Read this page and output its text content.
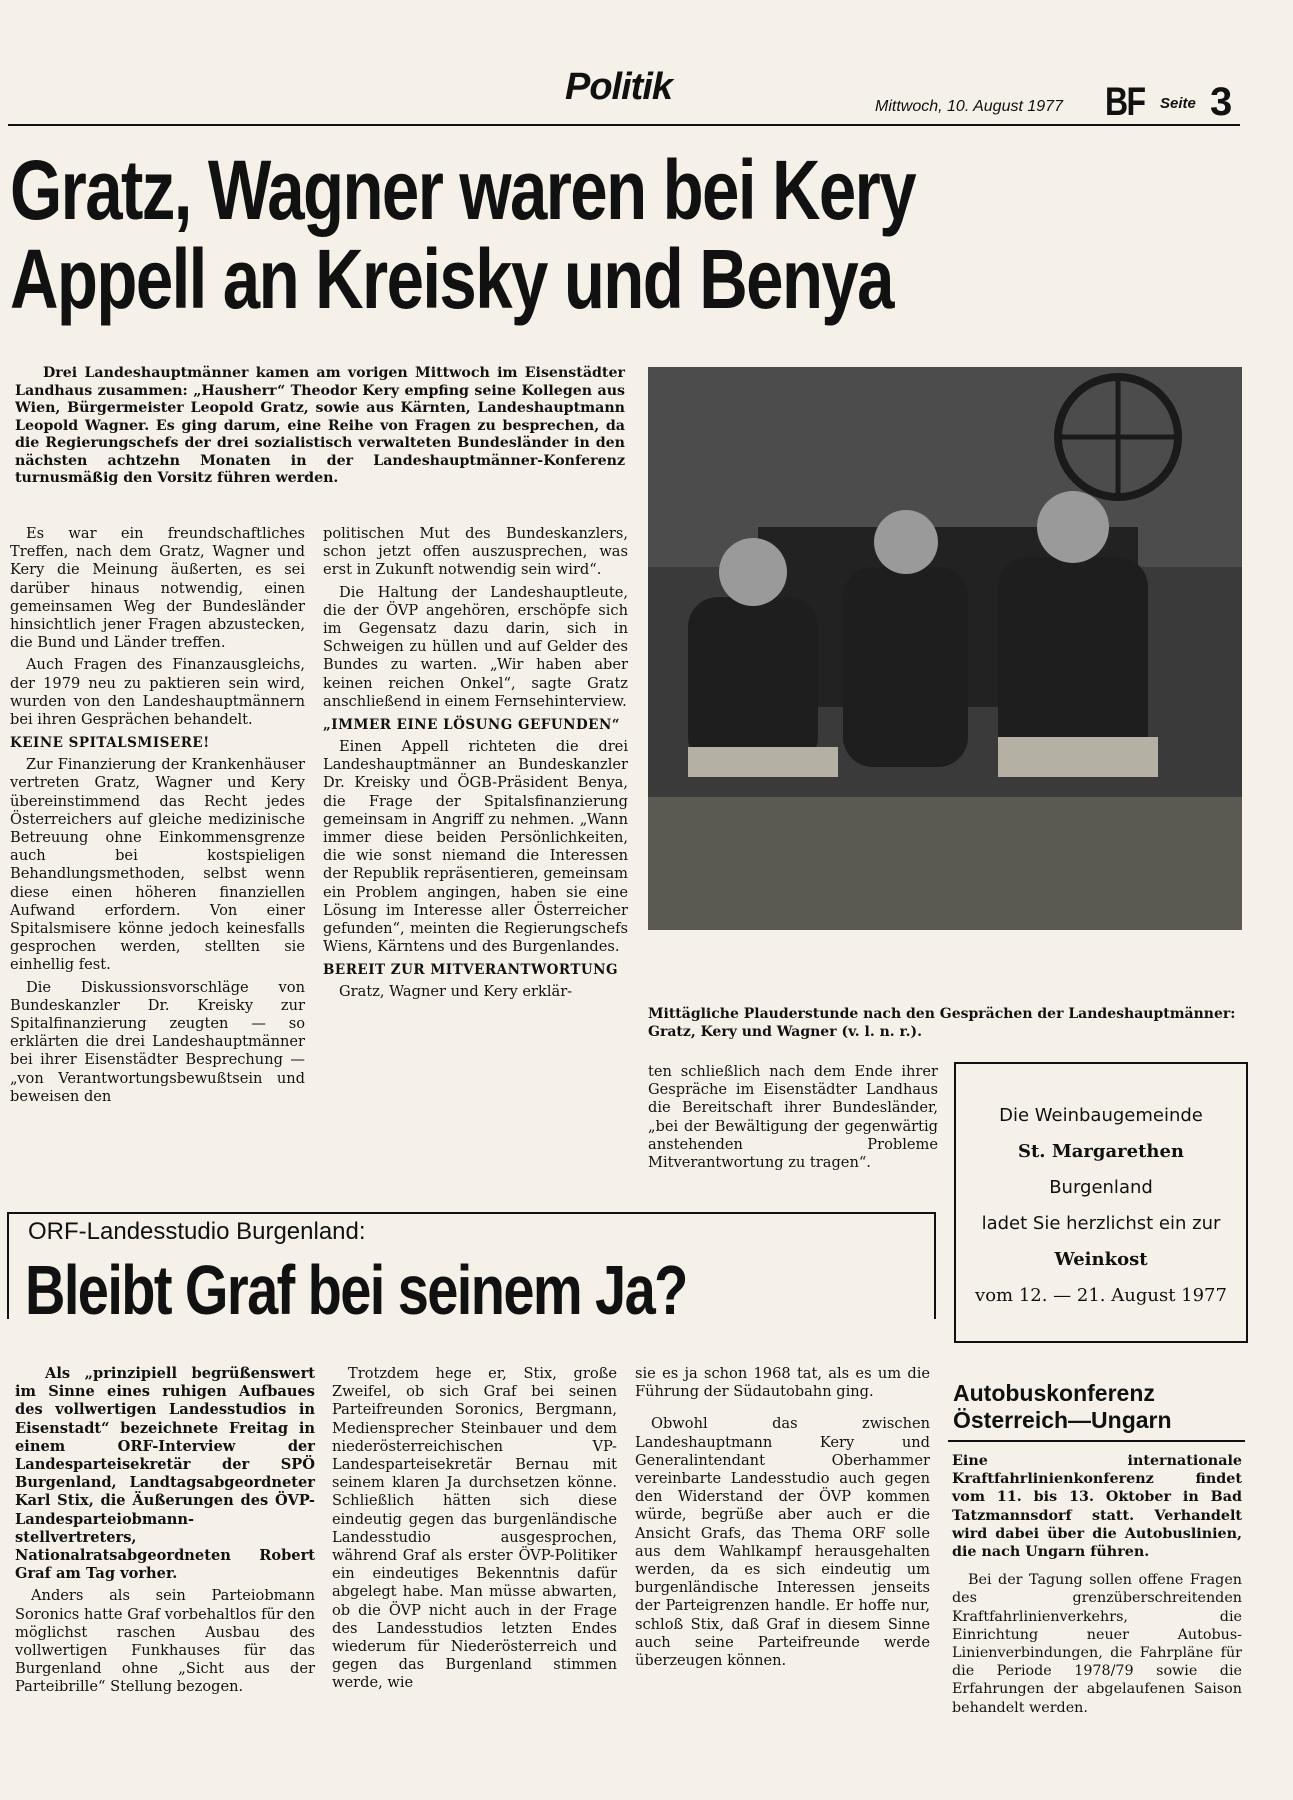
Politik	Mittwoch, 10. August 1977 BF Seite 3
Gratz, Wagner waren bei Kery
Appell an Kreisky und Benya
Drei Landeshauptmänner kamen am vorigen Mittwoch im Eisenstädter Landhaus zusammen: „Hausherr“ Theodor Kery empfing seine Kollegen aus Wien, Bürgermeister Leopold Gratz, sowie aus Kärnten, Landeshauptmann Leopold Wagner. Es ging darum, eine Reihe von Fragen zu besprechen, da die Regierungschefs der drei sozialistisch verwalteten Bundesländer in den nächsten achtzehn Monaten in der Landeshauptmänner-Konferenz turnusmäßig den Vorsitz führen werden.

Es war ein freundschaftliches Treffen, nach dem Gratz, Wagner und Kery die Meinung äußerten, es sei darüber hinaus notwendig, einen gemeinsamen Weg der Bundesländer hinsichtlich jener Fragen abzustecken, die Bund und Länder treffen.

Auch Fragen des Finanzausgleichs, der 1979 neu zu paktieren sein wird, wurden von den Landeshauptmännern bei ihren Gesprächen behandelt.

KEINE SPITALSMISERE!

Zur Finanzierung der Krankenhäuser vertreten Gratz, Wagner und Kery übereinstimmend das Recht jedes Österreichers auf gleiche medizinische Betreuung ohne Einkommensgrenze auch bei kostspieligen Behandlungsmethoden, selbst wenn diese einen höheren finanziellen Aufwand erfordern. Von einer Spitalsmisere könne jedoch keinesfalls gesprochen werden, stellten sie einhellig fest.

Die Diskussionsvorschläge von Bundeskanzler Dr. Kreisky zur Spitalfinanzierung zeugten — so erklärten die drei Landeshauptmänner bei ihrer Eisenstädter Besprechung — „von Verantwortungsbewußtsein und beweisen den

politischen Mut des Bundeskanzlers, schon jetzt offen auszusprechen, was erst in Zukunft notwendig sein wird“.

Die Haltung der Landeshauptleute, die der ÖVP angehören, erschöpfe sich im Gegensatz dazu darin, sich in Schweigen zu hüllen und auf Gelder des Bundes zu warten. „Wir haben aber keinen reichen Onkel“, sagte Gratz anschließend in einem Fernsehinterview.

„IMMER EINE LÖSUNG GEFUNDEN“

Einen Appell richteten die drei Landeshauptmänner an Bundeskanzler Dr. Kreisky und ÖGB-Präsident Benya, die Frage der Spitalsfinanzierung gemeinsam in Angriff zu nehmen. „Wann immer diese beiden Persönlichkeiten, die wie sonst niemand die Interessen der Republik repräsentieren, gemeinsam ein Problem angingen, haben sie eine Lösung im Interesse aller Österreicher gefunden“, meinten die Regierungschefs Wiens, Kärntens und des Burgenlandes.

BEREIT ZUR MITVERANTWORTUNG

Gratz, Wagner und Kery erklär-

ten schließlich nach dem Ende ihrer Gespräche im Eisenstädter Landhaus die Bereitschaft ihrer Bundesländer, „bei der Bewältigung der gegenwärtig anstehenden Probleme Mitverantwortung zu tragen“.

Mittägliche Plauderstunde nach den Gesprächen der Landeshauptmänner: Gratz, Kery und Wagner (v. l. n. r.).
ORF-Landesstudio Burgenland:
Bleibt Graf bei seinem Ja?

Als „prinzipiell begrüßenswert im Sinne eines ruhigen Aufbaues des vollwertigen Landesstudios in Eisenstadt“ bezeichnete Freitag in einem ORF-Interview der Landesparteisekretär der SPÖ Burgenland, Landtagsabgeordneter Karl Stix, die Äußerungen des ÖVP-Landesparteiobmann-stellvertreters, Nationalratsabgeordneten Robert Graf am Tag vorher.

Anders als sein Parteiobmann Soronics hatte Graf vorbehaltlos für den möglichst raschen Ausbau des vollwertigen Funkhauses für das Burgenland ohne „Sicht aus der Parteibrille“ Stellung bezogen.

Trotzdem hege er, Stix, große Zweifel, ob sich Graf bei seinen Parteifreunden Soronics, Bergmann, Mediensprecher Steinbauer und dem niederösterreichischen VP-Landesparteisekretär Bernau mit seinem klaren Ja durchsetzen könne. Schließlich hätten sich diese eindeutig gegen das burgenländische Landesstudio ausgesprochen, während Graf als erster ÖVP-Politiker ein eindeutiges Bekenntnis dafür abgelegt habe. Man müsse abwarten, ob die ÖVP nicht auch in der Frage des Landesstudios letzten Endes wiederum für Niederösterreich und gegen das Burgenland stimmen werde, wie

sie es ja schon 1968 tat, als es um die Führung der Südautobahn ging.

Obwohl das zwischen Landeshauptmann Kery und Generalintendant Oberhammer vereinbarte Landesstudio auch gegen den Widerstand der ÖVP kommen würde, begrüße aber auch er die Ansicht Grafs, das Thema ORF solle aus dem Wahlkampf herausgehalten werden, da es sich eindeutig um burgenländische Interessen jenseits der Parteigrenzen handle. Er hoffe nur, schloß Stix, daß Graf in diesem Sinne auch seine Parteifreunde werde überzeugen können.

Die Weinbaugemeinde
St. Margarethen
Burgenland
ladet Sie herzlichst ein zur
Weinkost
vom 12. — 21. August 1977
Autobuskonferenz
Österreich—Ungarn

Eine internationale Kraftfahrlinienkonferenz findet vom 11. bis 13. Oktober in Bad Tatzmannsdorf statt. Verhandelt wird dabei über die Autobuslinien, die nach Ungarn führen.

Bei der Tagung sollen offene Fragen des grenzüberschreitenden Kraftfahrlinienverkehrs, die Einrichtung neuer Autobus-Linienverbindungen, die Fahrpläne für die Periode 1978/79 sowie die Erfahrungen der abgelaufenen Saison behandelt werden.
